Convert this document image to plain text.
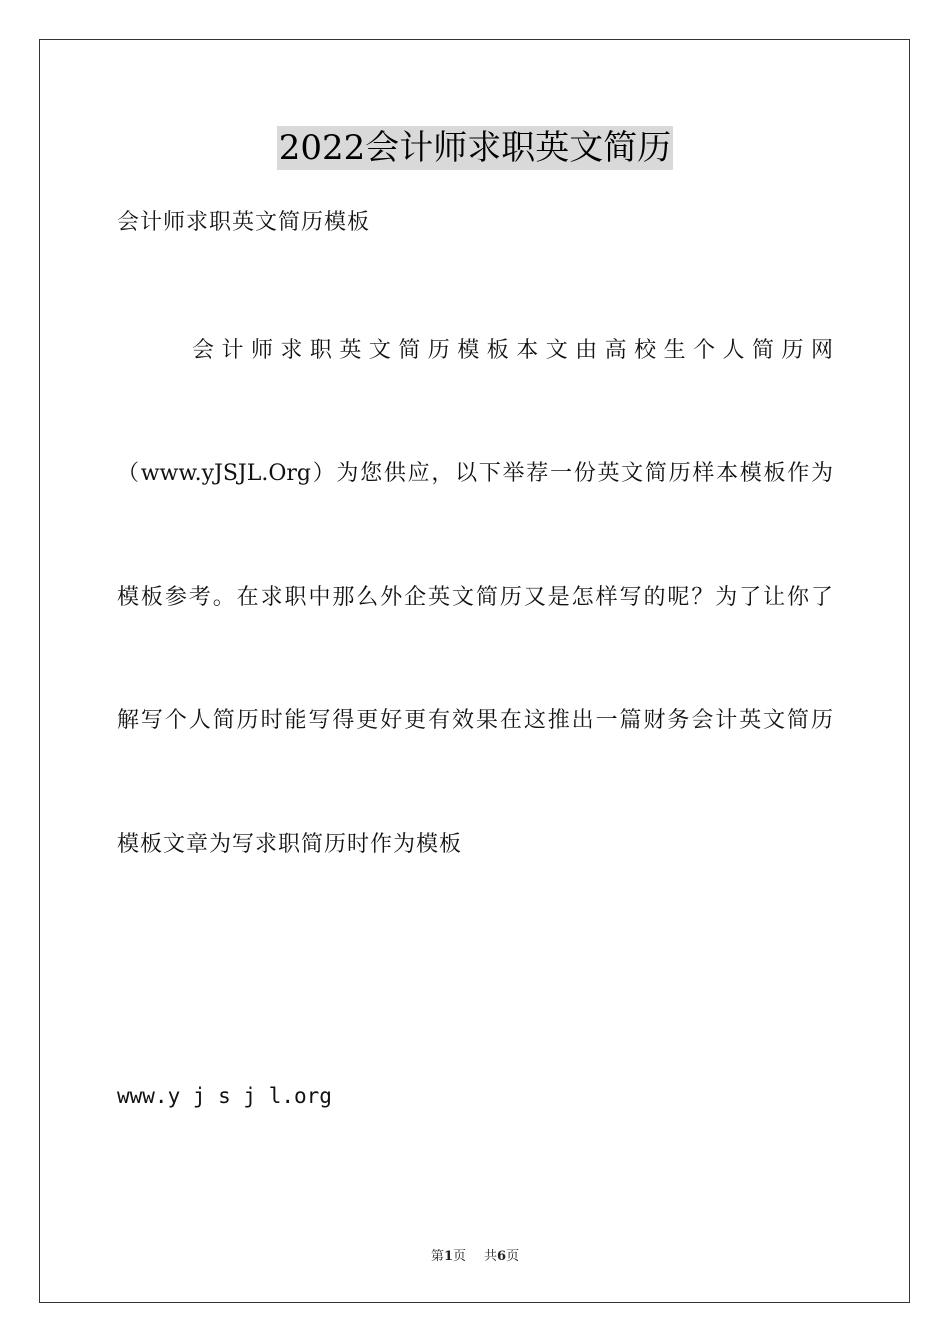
2022会计师求职英文简历
会计师求职英文简历模板
会计师求职英文简历模板本文由高校生个人简历网
（www.yJSJL.Org）为您供应，以下举荐一份英文简历样本模板作为
模板参考。在求职中那么外企英文简历又是怎样写的呢？为了让你了
解写个人简历时能写得更好更有效果在这推出一篇财务会计英文简历
模板文章为写求职简历时作为模板
www.y j s j l.org
第1页 共6页
